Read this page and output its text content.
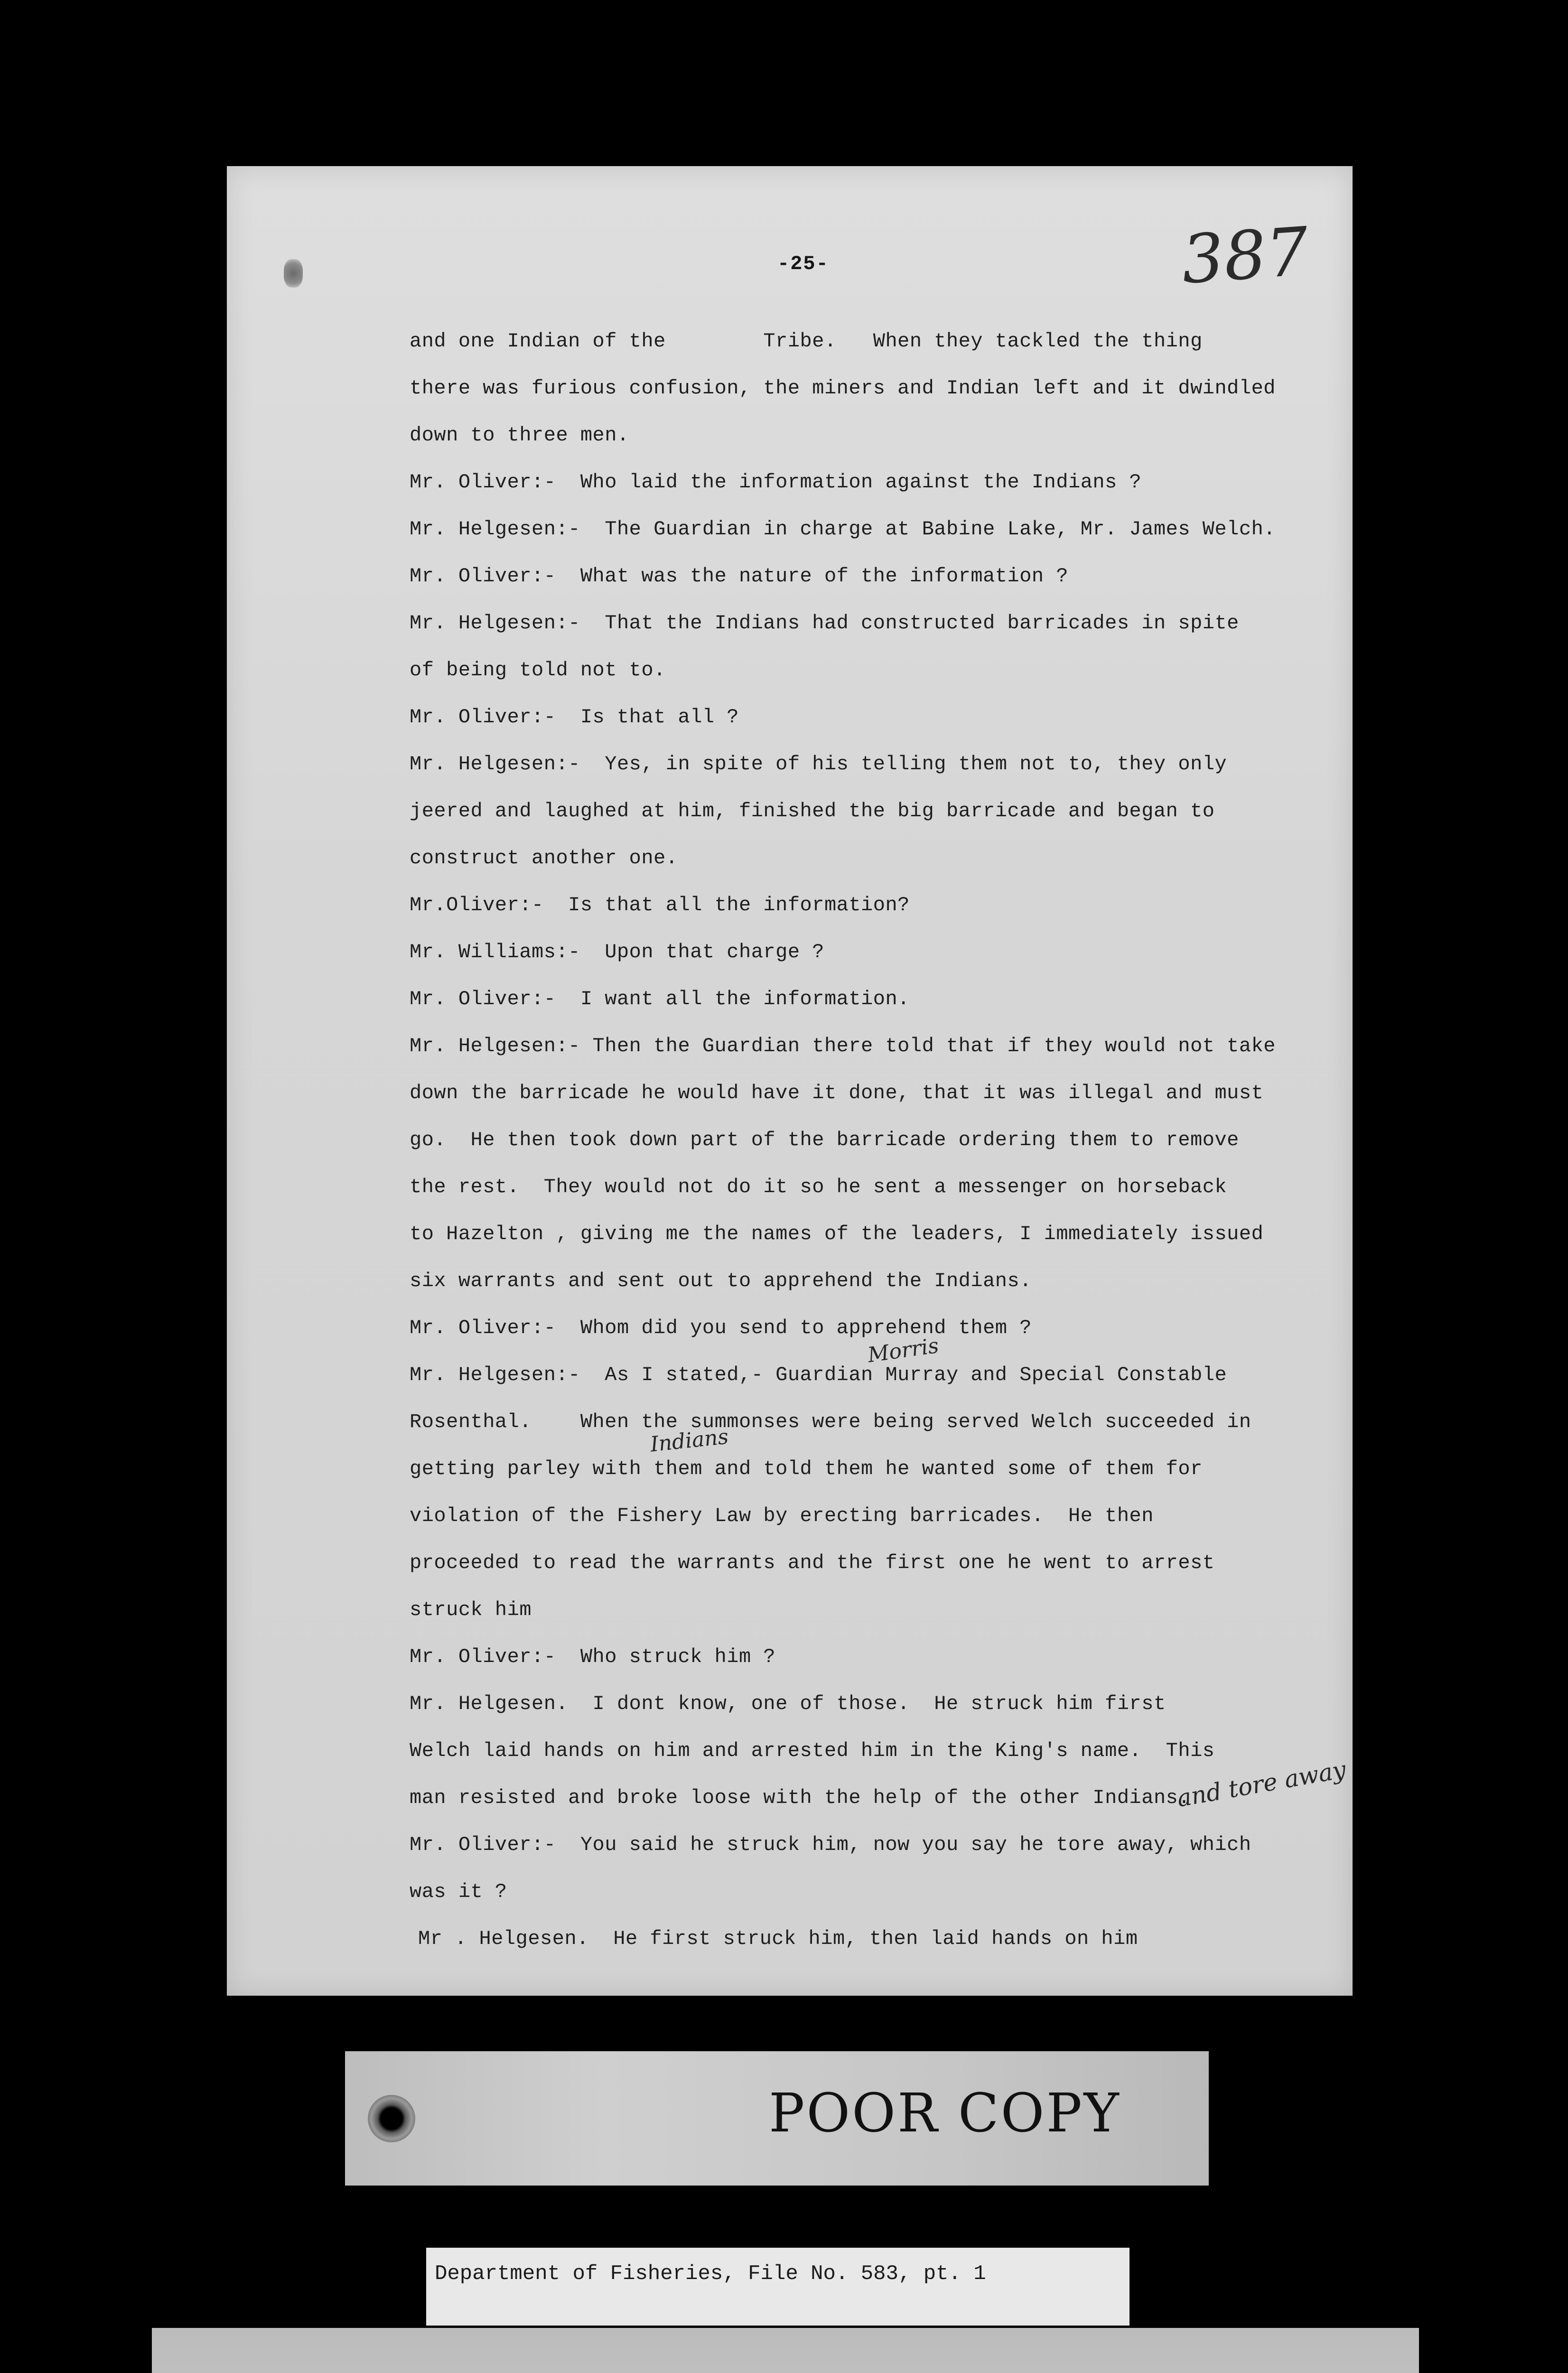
-25-	387
and one Indian of the        Tribe.   When they tackled the thing
there was furious confusion, the miners and Indian left and it dwindled
down to three men.
Mr. Oliver:-  Who laid the information against the Indians ?
Mr. Helgesen:-  The Guardian in charge at Babine Lake, Mr. James Welch.
Mr. Oliver:-  What was the nature of the information ?
Mr. Helgesen:-  That the Indians had constructed barricades in spite
of being told not to.
Mr. Oliver:-  Is that all ?
Mr. Helgesen:-  Yes, in spite of his telling them not to, they only
jeered and laughed at him, finished the big barricade and began to
construct another one.
Mr.Oliver:-  Is that all the information?
Mr. Williams:-  Upon that charge ?
Mr. Oliver:-  I want all the information.
Mr. Helgesen:- Then the Guardian there told that if they would not take
down the barricade he would have it done, that it was illegal and must
go.  He then took down part of the barricade ordering them to remove
the rest.  They would not do it so he sent a messenger on horseback
to Hazelton , giving me the names of the leaders, I immediately issued
six warrants and sent out to apprehend the Indians.
Mr. Oliver:-  Whom did you send to apprehend them ?
Mr. Helgesen:-  As I stated,- Guardian Murray and Special Constable
Rosenthal.    When the summonses were being served Welch succeeded in
getting parley with them and told them he wanted some of them for
violation of the Fishery Law by erecting barricades.  He then
proceeded to read the warrants and the first one he went to arrest
struck him
Mr. Oliver:-  Who struck him ?
Mr. Helgesen.  I dont know, one of those.  He struck him first
Welch laid hands on him and arrested him in the King's name.  This
man resisted and broke loose with the help of the other Indians.
Mr. Oliver:-  You said he struck him, now you say he tore away, which
was it ?
Mr . Helgesen.  He first struck him, then laid hands on him
Morris
Indians
and tore away
POOR COPY
Department of Fisheries, File No. 583, pt. 1
